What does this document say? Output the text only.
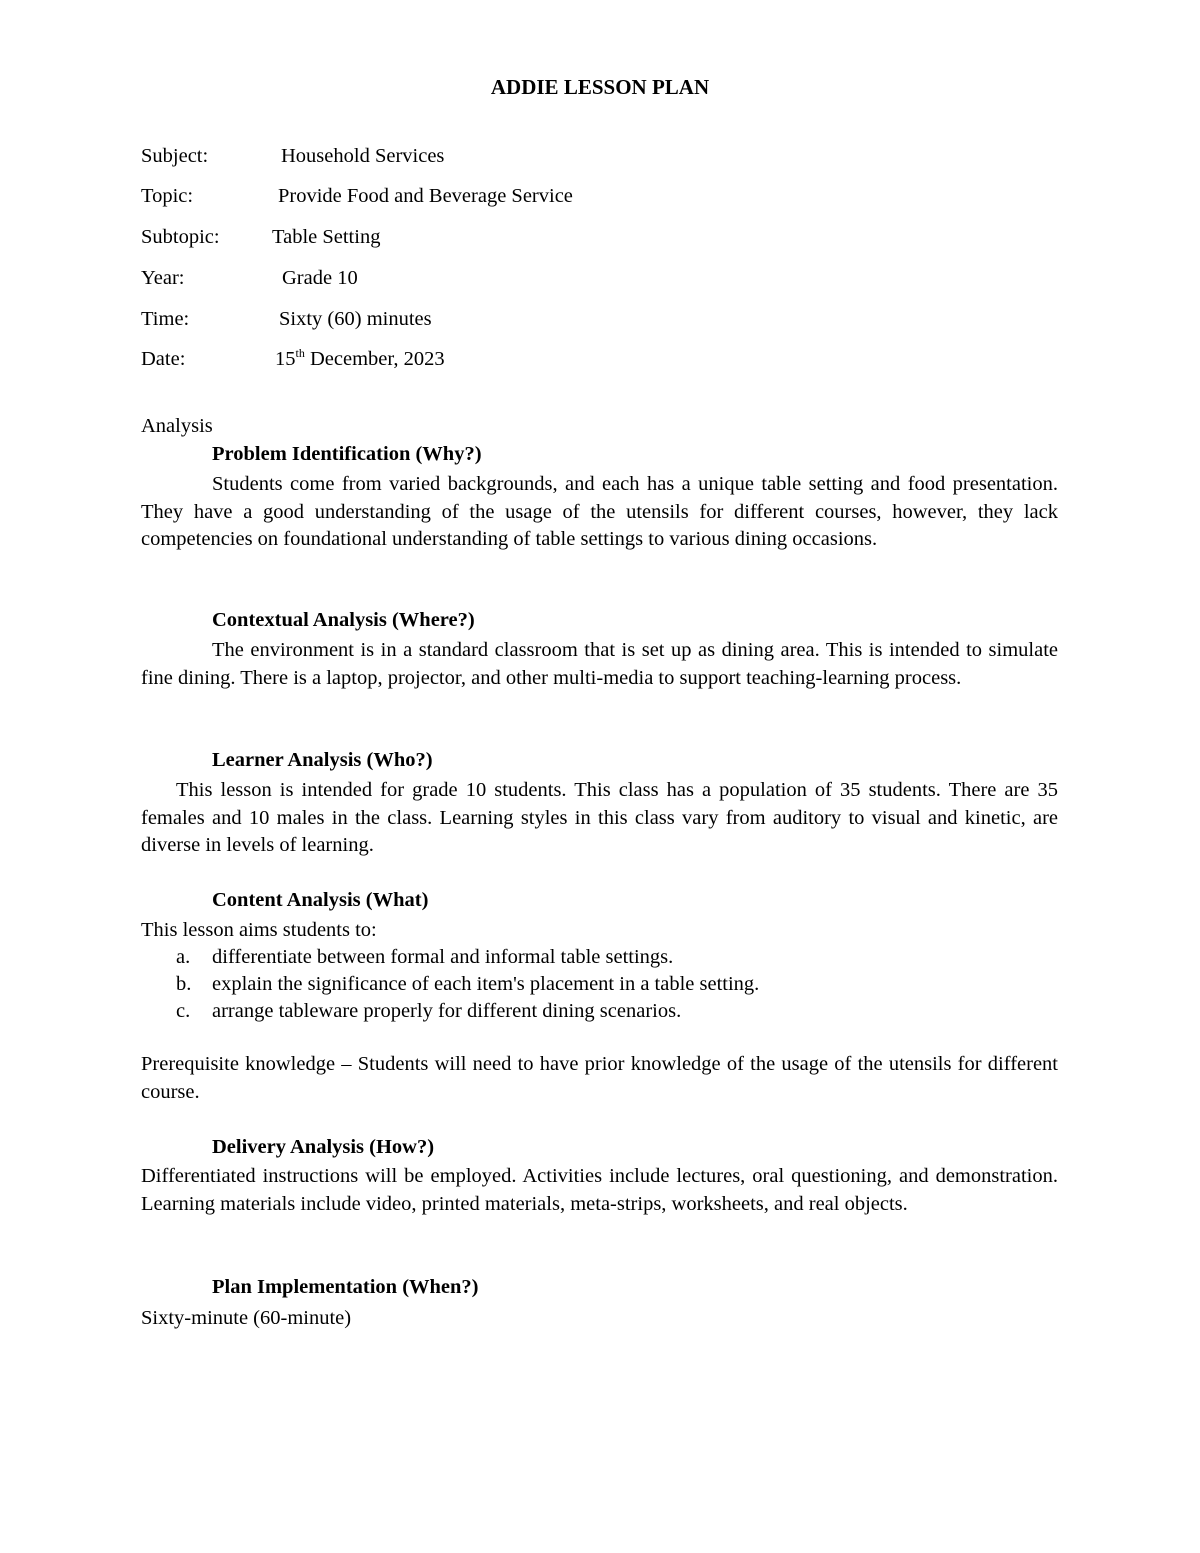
ADDIE LESSON PLAN
Subject:	Household Services
Topic:	Provide Food and Beverage Service
Subtopic:	Table Setting
Year:	Grade 10
Time:	Sixty (60) minutes
Date:	15th December, 2023
Analysis
Problem Identification (Why?)
Students come from varied backgrounds, and each has a unique table setting and food presentation. They have a good understanding of the usage of the utensils for different courses, however, they lack competencies on foundational understanding of table settings to various dining occasions.
Contextual Analysis (Where?)
The environment is in a standard classroom that is set up as dining area. This is intended to simulate fine dining. There is a laptop, projector, and other multi-media to support teaching-learning process.
Learner Analysis (Who?)
This lesson is intended for grade 10 students. This class has a population of 35 students. There are 35 females and 10 males in the class. Learning styles in this class vary from auditory to visual and kinetic, are diverse in levels of learning.
Content Analysis (What)
This lesson aims students to:
a. differentiate between formal and informal table settings.
b. explain the significance of each item's placement in a table setting.
c. arrange tableware properly for different dining scenarios.
Prerequisite knowledge – Students will need to have prior knowledge of the usage of the utensils for different course.
Delivery Analysis (How?)
Differentiated instructions will be employed. Activities include lectures, oral questioning, and demonstration. Learning materials include video, printed materials, meta-strips, worksheets, and real objects.
Plan Implementation (When?)
Sixty-minute (60-minute)
